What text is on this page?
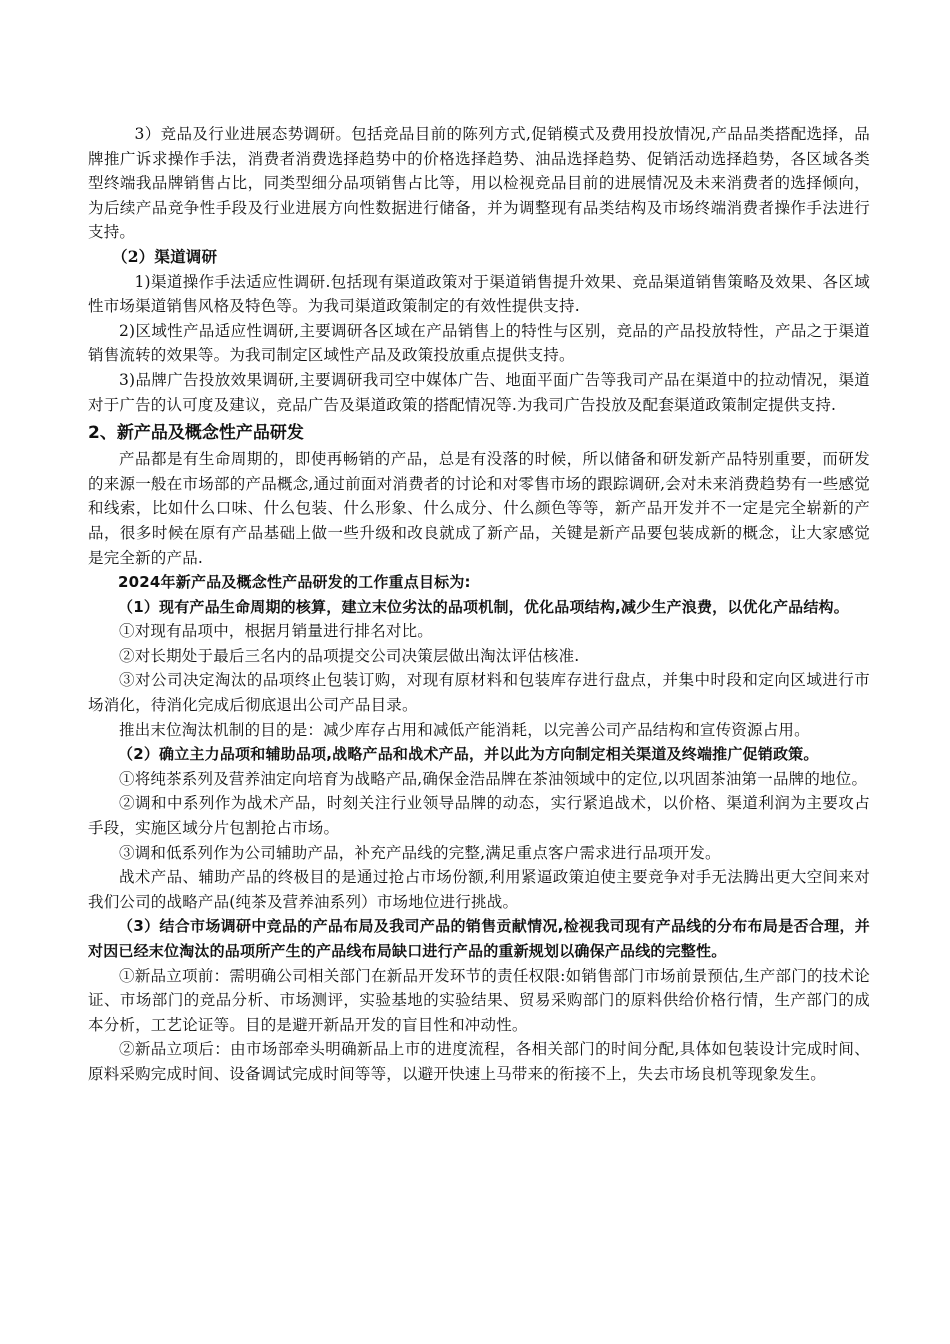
3）竞品及行业进展态势调研。包括竞品目前的陈列方式,促销模式及费用投放情况,产品品类搭配选择，品牌推广诉求操作手法，消费者消费选择趋势中的价格选择趋势、油品选择趋势、促销活动选择趋势，各区域各类型终端我品牌销售占比，同类型细分品项销售占比等，用以检视竞品目前的进展情况及未来消费者的选择倾向，为后续产品竞争性手段及行业进展方向性数据进行储备，并为调整现有品类结构及市场终端消费者操作手法进行支持。

（2）渠道调研

1)渠道操作手法适应性调研.包括现有渠道政策对于渠道销售提升效果、竞品渠道销售策略及效果、各区域性市场渠道销售风格及特色等。为我司渠道政策制定的有效性提供支持.

2)区域性产品适应性调研,主要调研各区域在产品销售上的特性与区别，竞品的产品投放特性，产品之于渠道销售流转的效果等。为我司制定区域性产品及政策投放重点提供支持。

3)品牌广告投放效果调研,主要调研我司空中媒体广告、地面平面广告等我司产品在渠道中的拉动情况，渠道对于广告的认可度及建议，竞品广告及渠道政策的搭配情况等.为我司广告投放及配套渠道政策制定提供支持.

2、新产品及概念性产品研发

产品都是有生命周期的，即使再畅销的产品，总是有没落的时候，所以储备和研发新产品特别重要，而研发的来源一般在市场部的产品概念,通过前面对消费者的讨论和对零售市场的跟踪调研,会对未来消费趋势有一些感觉和线索，比如什么口味、什么包装、什么形象、什么成分、什么颜色等等，新产品开发并不一定是完全崭新的产品，很多时候在原有产品基础上做一些升级和改良就成了新产品，关键是新产品要包装成新的概念，让大家感觉是完全新的产品.

2024年新产品及概念性产品研发的工作重点目标为:

（1）现有产品生命周期的核算，建立末位劣汰的品项机制，优化品项结构,减少生产浪费，以优化产品结构。

①对现有品项中，根据月销量进行排名对比。

②对长期处于最后三名内的品项提交公司决策层做出淘汰评估核准.

③对公司决定淘汰的品项终止包装订购，对现有原材料和包装库存进行盘点，并集中时段和定向区域进行市场消化，待消化完成后彻底退出公司产品目录。

推出末位淘汰机制的目的是：减少库存占用和减低产能消耗，以完善公司产品结构和宣传资源占用。

（2）确立主力品项和辅助品项,战略产品和战术产品，并以此为方向制定相关渠道及终端推广促销政策。

①将纯茶系列及营养油定向培育为战略产品,确保金浩品牌在茶油领域中的定位,以巩固茶油第一品牌的地位。

②调和中系列作为战术产品，时刻关注行业领导品牌的动态，实行紧追战术，以价格、渠道利润为主要攻占手段，实施区域分片包割抢占市场。

③调和低系列作为公司辅助产品，补充产品线的完整,满足重点客户需求进行品项开发。

战术产品、辅助产品的终极目的是通过抢占市场份额,利用紧逼政策迫使主要竞争对手无法腾出更大空间来对我们公司的战略产品(纯茶及营养油系列）市场地位进行挑战。

（3）结合市场调研中竞品的产品布局及我司产品的销售贡献情况,检视我司现有产品线的分布布局是否合理，并对因已经末位淘汰的品项所产生的产品线布局缺口进行产品的重新规划以确保产品线的完整性。

①新品立项前：需明确公司相关部门在新品开发环节的责任权限:如销售部门市场前景预估,生产部门的技术论证、市场部门的竞品分析、市场测评，实验基地的实验结果、贸易采购部门的原料供给价格行情，生产部门的成本分析，工艺论证等。目的是避开新品开发的盲目性和冲动性。

②新品立项后：由市场部牵头明确新品上市的进度流程，各相关部门的时间分配,具体如包装设计完成时间、原料采购完成时间、设备调试完成时间等等，以避开快速上马带来的衔接不上，失去市场良机等现象发生。
